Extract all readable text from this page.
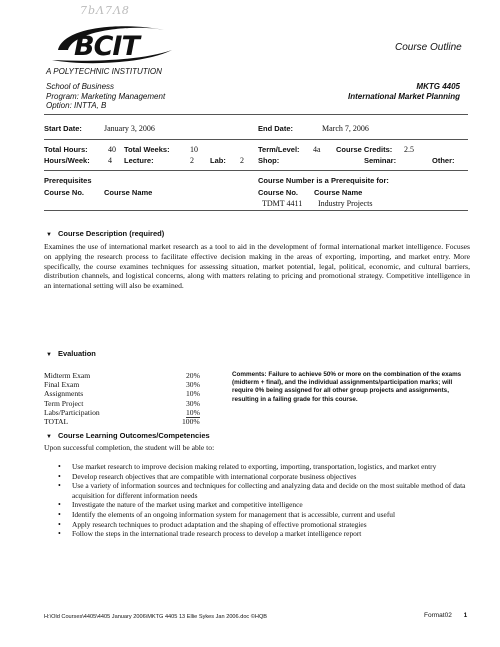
7bΛ7Λ8
BCIT	Course Outline
A POLYTECHNIC INSTITUTION
School of Business
Program: Marketing Management
Option: INTTA, B
MKTG 4405
International Market Planning
Start Date:	January 3, 2006	End Date:	March 7, 2006
Total Hours:	40 Total Weeks:	10	Term/Level: 4a Course Credits: 2.5
Hours/Week: 4 Lecture:	2 Lab: 2 Shop:	Seminar:	Other:
Prerequisites
Course No.	Course Name
Course Number is a Prerequisite for:
Course No. Course Name
TDMT 4411 Industry Projects
▼ Course Description (required)
Examines the use of international market research as a tool to aid in the development of formal international market intelligence. Focuses on applying the research process to facilitate effective decision making in the areas of exporting, importing, and market entry. More specifically, the course examines techniques for assessing situation, market potential, legal, political, economic, and cultural barriers, distribution channels, and logistical concerns, along with matters relating to pricing and promotional strategy. Competitive intelligence in an international setting will also be examined.
▼ Evaluation
Midterm Exam	20%
Final Exam	30%
Assignments	10%
Term Project	30%
Labs/Participation	10%
TOTAL	100%
Comments: Failure to achieve 50% or more on the combination of the exams (midterm + final), and the individual assignments/participation marks; will require 0% being assigned for all other group projects and assignments, resulting in a failing grade for this course.
▼ Course Learning Outcomes/Competencies
Upon successful completion, the student will be able to:
• Use market research to improve decision making related to exporting, importing, transportation, logistics, and market entry
• Develop research objectives that are compatible with international corporate business objectives
• Use a variety of information sources and techniques for collecting and analyzing data and decide on the most suitable method of data acquisition for different information needs
• Investigate the nature of the market using market and competitive intelligence
• Identify the elements of an ongoing information system for management that is accessible, current and useful
• Apply research techniques to product adaptation and the shaping of effective promotional strategies
• Follow the steps in the international trade research process to develop a market intelligence report
H:\Old Courses\4405\4405 January 2006\MKTG 4405 13 Ellie Sykes Jan 2006.doc ©HQB	Format02 1
